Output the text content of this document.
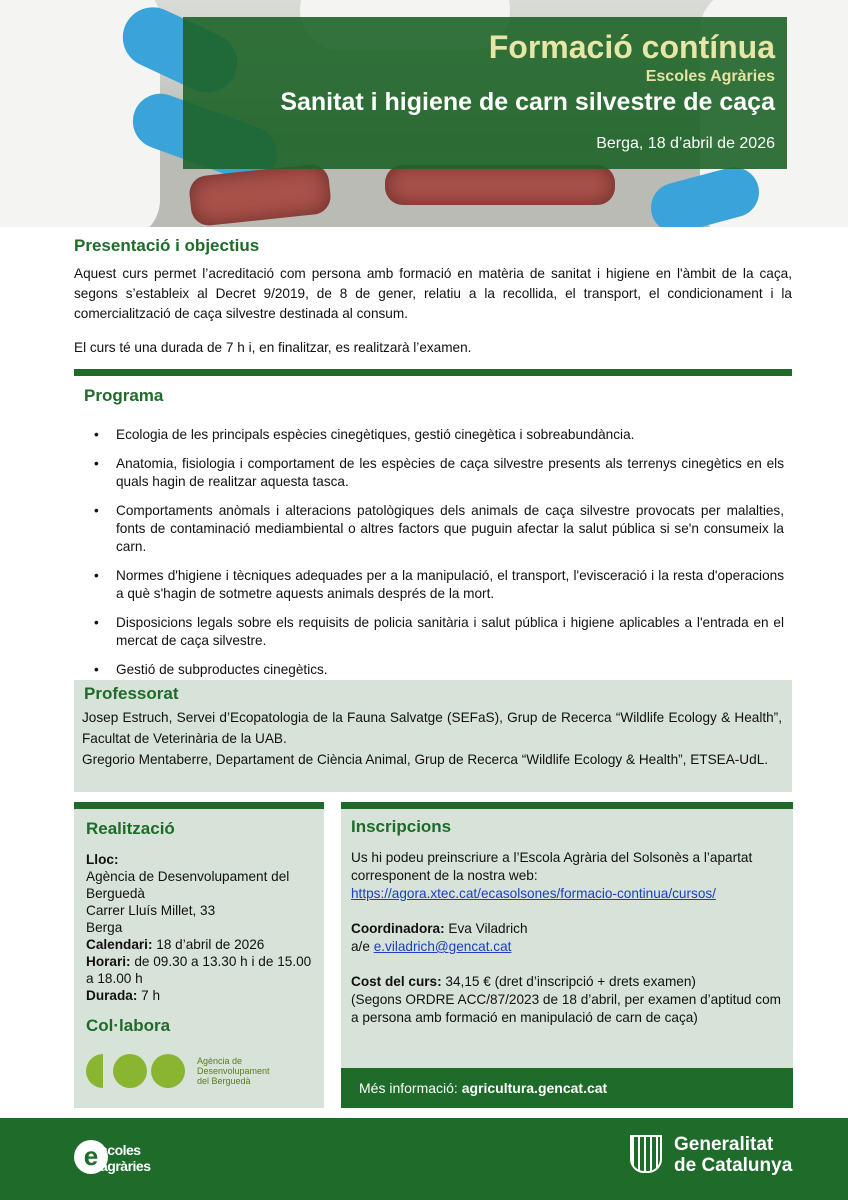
Formació contínua
Escoles Agràries
Sanitat i higiene de carn silvestre de caça
Berga, 18 d’abril de 2026
Presentació i objectius

Aquest curs permet l’acreditació com persona amb formació en matèria de sanitat i higiene en l'àmbit de la caça, segons s’estableix al Decret 9/2019, de 8 de gener, relatiu a la recollida, el transport, el condicionament i la comercialització de caça silvestre destinada al consum.

El curs té una durada de 7 h i, en finalitzar, es realitzarà l’examen.

Programa
• Ecologia de les principals espècies cinegètiques, gestió cinegètica i sobreabundància.
• Anatomia, fisiologia i comportament de les espècies de caça silvestre presents als terrenys cinegètics en els quals hagin de realitzar aquesta tasca.
• Comportaments anòmals i alteracions patològiques dels animals de caça silvestre provocats per malalties, fonts de contaminació mediambiental o altres factors que puguin afectar la salut pública si se'n consumeix la carn.
• Normes d'higiene i tècniques adequades per a la manipulació, el transport, l'evisceració i la resta d'operacions a què s'hagin de sotmetre aquests animals després de la mort.
• Disposicions legals sobre els requisits de policia sanitària i salut pública i higiene aplicables a l'entrada en el mercat de caça silvestre.
• Gestió de subproductes cinegètics.
Professorat
Josep Estruch, Servei d’Ecopatologia de la Fauna Salvatge (SEFaS), Grup de Recerca “Wildlife Ecology & Health”, Facultat de Veterinària de la UAB.
Gregorio Mentaberre, Departament de Ciència Animal, Grup de Recerca “Wildlife Ecology & Health”, ETSEA-UdL.
Realització
Lloc:
Agència de Desenvolupament del Berguedà
Carrer Lluís Millet, 33
Berga
Calendari: 18 d’abril de 2026
Horari: de 09.30 a 13.30 h i de 15.00 a 18.00 h
Durada: 7 h
Col·labora
Agència de
Desenvolupament
del Berguedà
Inscripcions
Us hi podeu preinscriure a l’Escola Agrària del Solsonès a l’apartat corresponent de la nostra web:
https://agora.xtec.cat/ecasolsones/formacio-continua/cursos/
Coordinadora: Eva Viladrich
a/e e.viladrich@gencat.cat
Cost del curs: 34,15 € (dret d’inscripció + drets examen)
(Segons ORDRE ACC/87/2023 de 18 d’abril, per examen d’aptitud com a persona amb formació en manipulació de carn de caça)
Més informació: agricultura.gencat.cat
e scoles
agràries
Generalitat
de Catalunya
